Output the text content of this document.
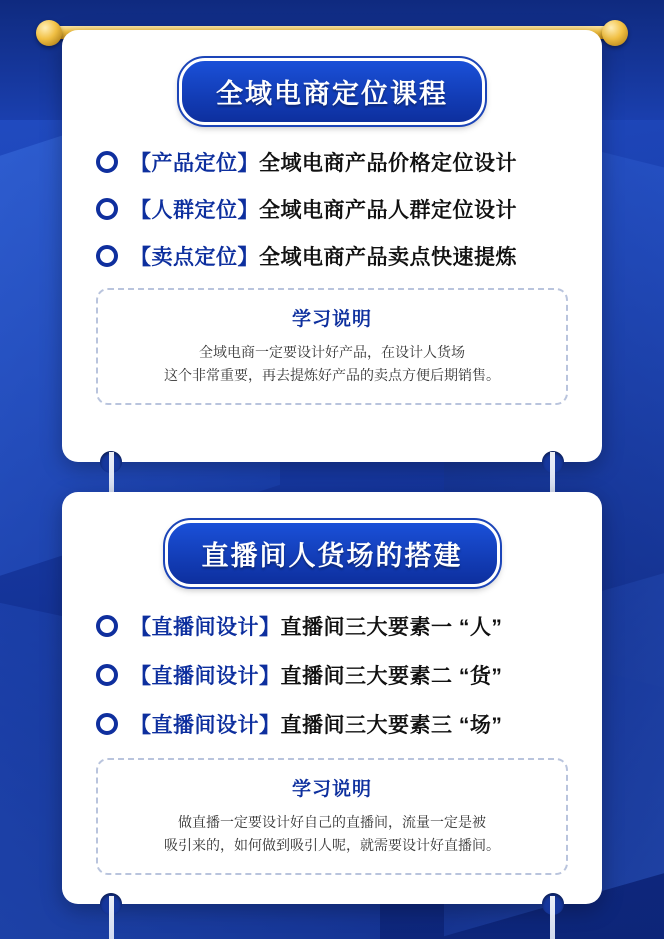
全域电商定位课程
【产品定位】全域电商产品价格定位设计
【人群定位】全域电商产品人群定位设计
【卖点定位】全域电商产品卖点快速提炼
学习说明
全域电商一定要设计好产品，在设计人货场
这个非常重要，再去提炼好产品的卖点方便后期销售。
直播间人货场的搭建
【直播间设计】直播间三大要素一 “人”
【直播间设计】直播间三大要素二 “货”
【直播间设计】直播间三大要素三 “场”
学习说明
做直播一定要设计好自己的直播间，流量一定是被
吸引来的，如何做到吸引人呢，就需要设计好直播间。
